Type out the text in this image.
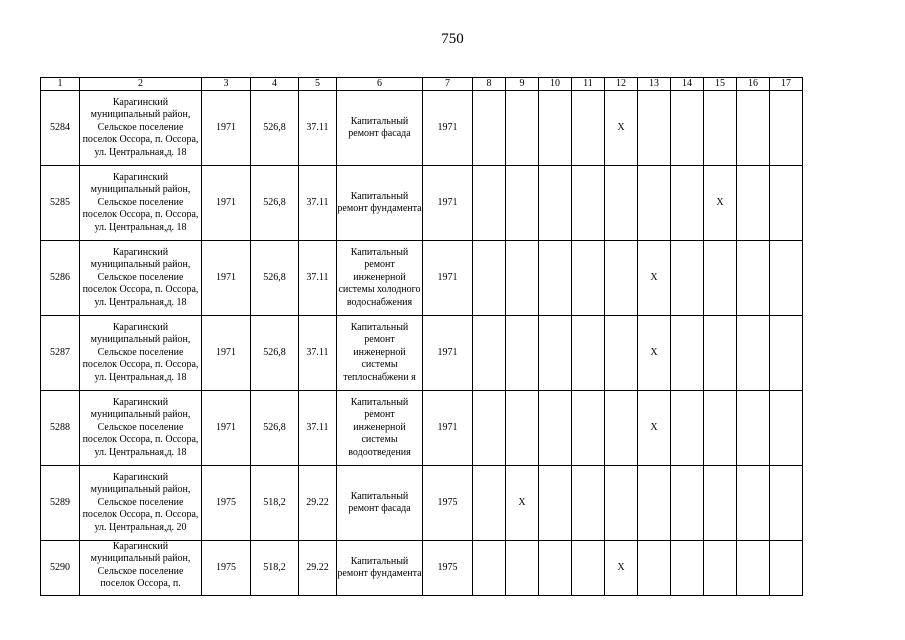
750
1	2	3	4	5	6	7	8	9	10	11	12	13	14	15	16	17
5284	Карагинский муниципальный район, Сельское поселение поселок Оссора, п. Оссора, ул. Центральная,д. 18	1971	526,8	37.11	Капитальный ремонт фасада	1971					X					
5285	Карагинский муниципальный район, Сельское поселение поселок Оссора, п. Оссора, ул. Центральная,д. 18	1971	526,8	37.11	Капитальный ремонт фундамента	1971								X		
5286	Карагинский муниципальный район, Сельское поселение поселок Оссора, п. Оссора, ул. Центральная,д. 18	1971	526,8	37.11	Капитальный ремонт инженерной системы холодного водоснабжения	1971						X				
5287	Карагинский муниципальный район, Сельское поселение поселок Оссора, п. Оссора, ул. Центральная,д. 18	1971	526,8	37.11	Капитальный ремонт инженерной системы теплоснабжени я	1971						X				
5288	Карагинский муниципальный район, Сельское поселение поселок Оссора, п. Оссора, ул. Центральная,д. 18	1971	526,8	37.11	Капитальный ремонт инженерной системы водоотведения	1971						X				
5289	Карагинский муниципальный район, Сельское поселение поселок Оссора, п. Оссора, ул. Центральная,д. 20	1975	518,2	29.22	Капитальный ремонт фасада	1975		X								
5290	Карагинский муниципальный район, Сельское поселение поселок Оссора, п.	1975	518,2	29.22	Капитальный ремонт фундамента	1975					X					
